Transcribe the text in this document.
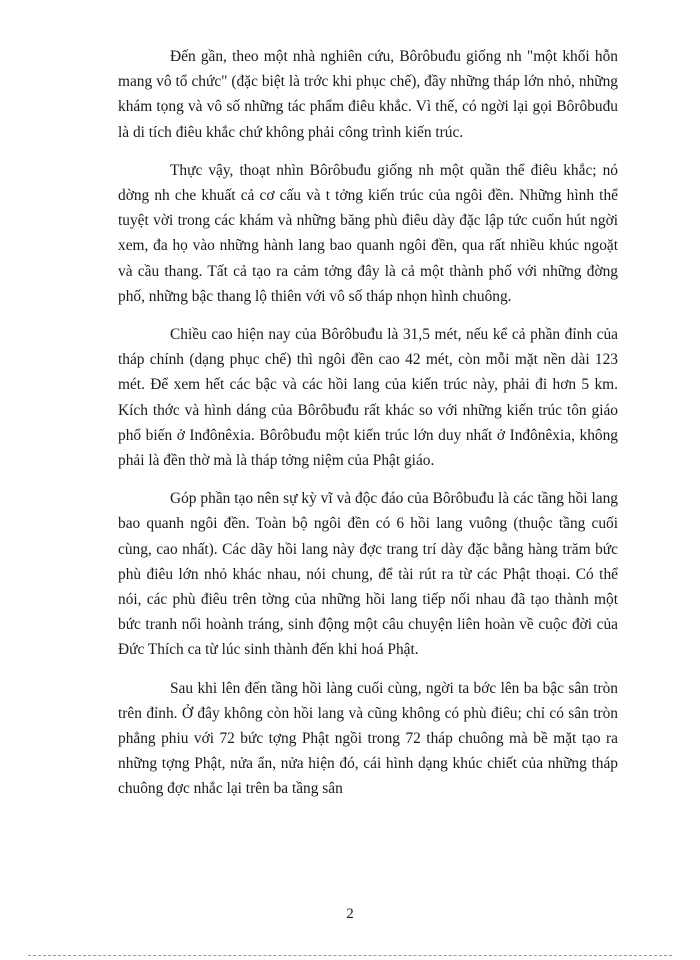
Đến gần, theo một nhà nghiên cứu, Bôrôbuđu giống nh "một khối hỗn mang vô tổ chức" (đặc biệt là trớc khi phục chế), đầy những tháp lớn nhỏ, những khám tọng và vô số những tác phẩm điêu khắc. Vì thế, có ngời lại gọi Bôrôbuđu là di tích điêu khắc chứ không phải công trình kiến trúc.

Thực vậy, thoạt nhìn Bôrôbuđu giống nh một quần thể điêu khắc; nó dờng nh che khuất cả cơ cấu và t tởng kiến trúc của ngôi đền. Những hình thể tuyệt vời trong các khám và những băng phù điêu dày đặc lập tức cuốn hút ngời xem, đa họ vào những hành lang bao quanh ngôi đền, qua rất nhiều khúc ngoặt và cầu thang. Tất cả tạo ra cảm tởng đây là cả một thành phố với những đờng phố, những bậc thang lộ thiên với vô số tháp nhọn hình chuông.

Chiều cao hiện nay của Bôrôbuđu là 31,5 mét, nếu kể cả phần đỉnh của tháp chính (dạng phục chế) thì ngôi đền cao 42 mét, còn mỗi mặt nền dài 123 mét. Để xem hết các bậc và các hồi lang của kiến trúc này, phải đi hơn 5 km. Kích thớc và hình dáng của Bôrôbuđu rất khác so với những kiến trúc tôn giáo phổ biến ở Inđônêxia. Bôrôbuđu một kiến trúc lớn duy nhất ở Inđônêxia, không phải là đền thờ mà là tháp tởng niệm của Phật giáo.

Góp phần tạo nên sự kỳ vĩ và độc đáo của Bôrôbuđu là các tầng hồi lang bao quanh ngôi đền. Toàn bộ ngôi đền có 6 hồi lang vuông (thuộc tầng cuối cùng, cao nhất). Các dãy hồi lang này đợc trang trí dày đặc bằng hàng trăm bức phù điêu lớn nhỏ khác nhau, nói chung, để tài rút ra từ các Phật thoại. Có thể nói, các phù điêu trên tờng của những hồi lang tiếp nối nhau đã tạo thành một bức tranh nổi hoành tráng, sinh động một câu chuyện liên hoàn về cuộc đời của Đức Thích ca từ lúc sinh thành đến khi hoá Phật.

Sau khi lên đến tầng hồi làng cuối cùng, ngời ta bớc lên ba bậc sân tròn trên đỉnh. Ở đây không còn hồi lang và cũng không có phù điêu; chỉ có sân tròn phẳng phiu với 72 bức tợng Phật ngồi trong 72 tháp chuông mà bề mặt tạo ra những tợng Phật, nửa ẩn, nửa hiện đó, cái hình dạng khúc chiết của những tháp chuông đợc nhắc lại trên ba tầng sân

2
